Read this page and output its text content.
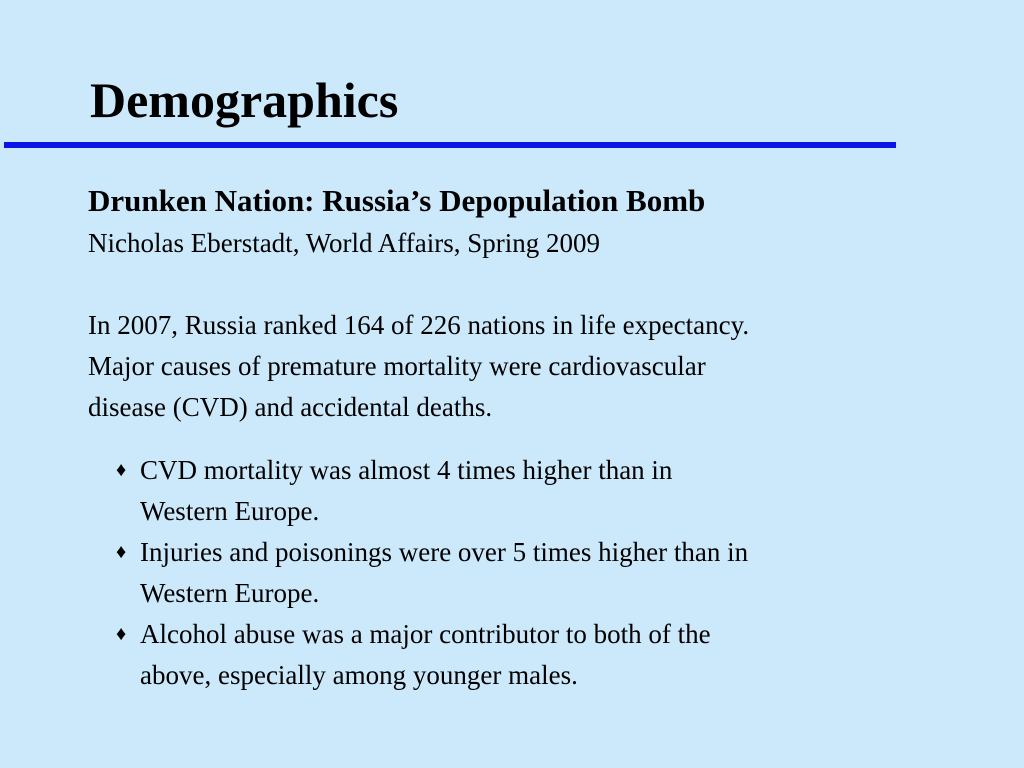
Demographics
Drunken Nation: Russia’s Depopulation Bomb
Nicholas Eberstadt, World Affairs, Spring 2009
In 2007, Russia ranked 164 of 226 nations in life expectancy.
Major causes of premature mortality were cardiovascular
disease (CVD) and accidental deaths.
♦ CVD mortality was almost 4 times higher than in
Western Europe.
♦ Injuries and poisonings were over 5 times higher than in
Western Europe.
♦ Alcohol abuse was a major contributor to both of the
above, especially among younger males.
